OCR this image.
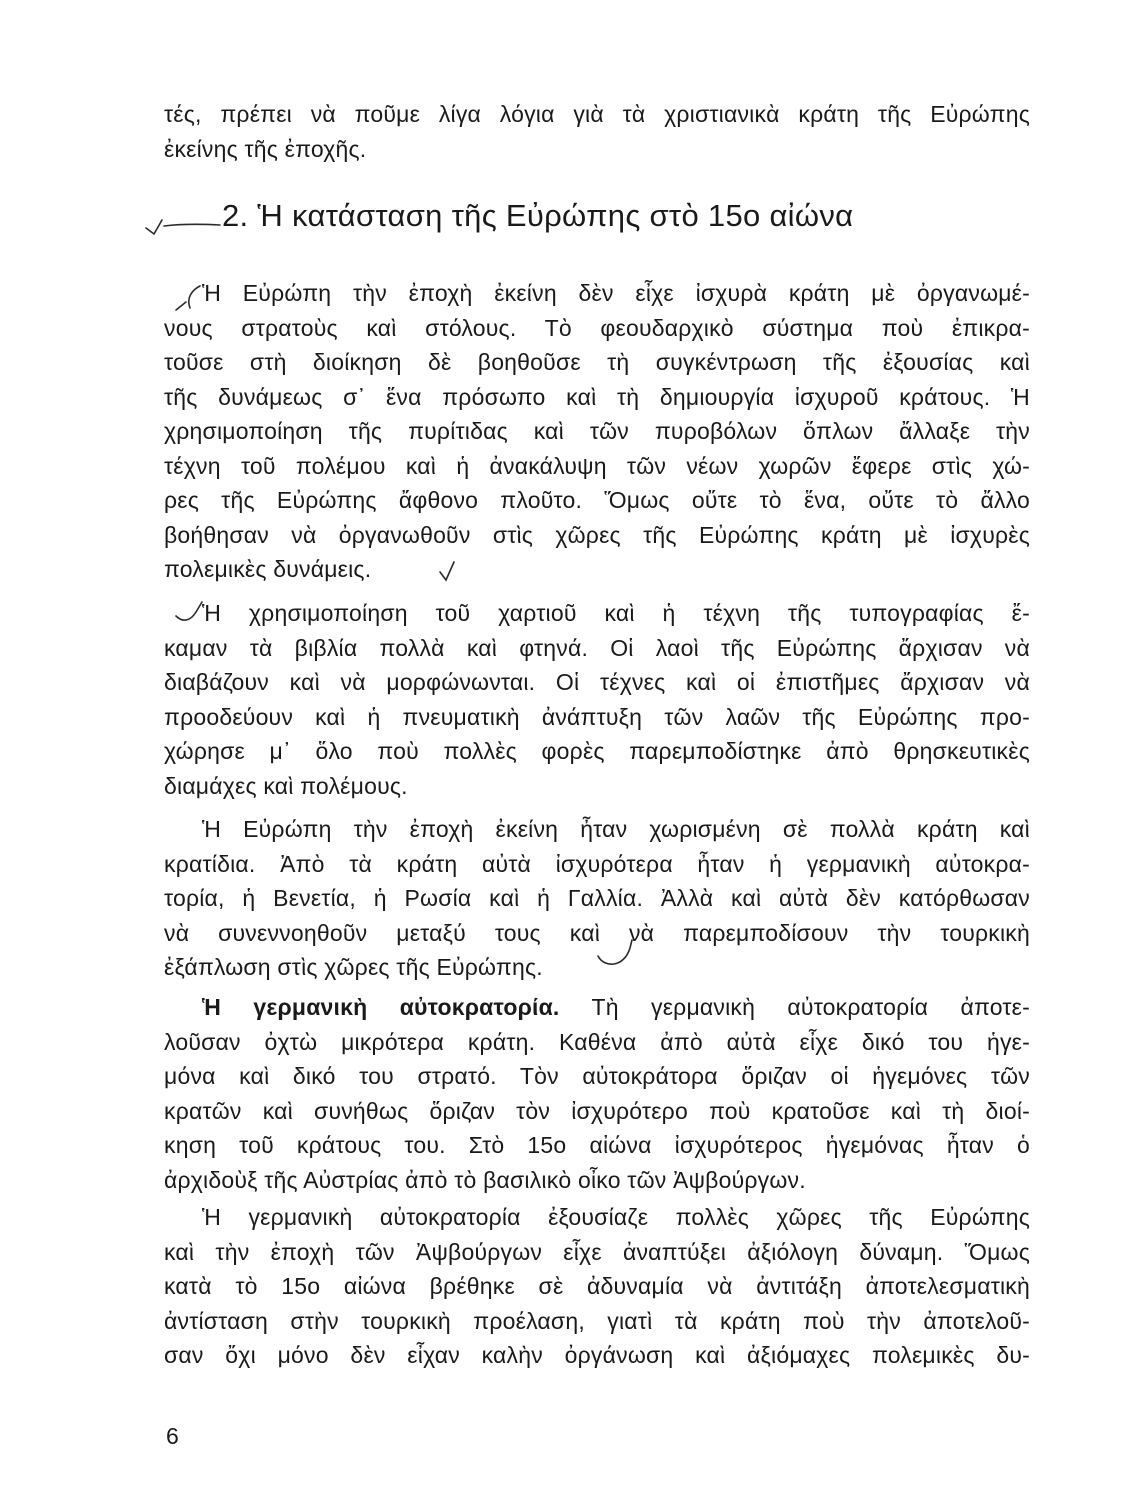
τές, πρέπει νὰ ποῦμε λίγα λόγια γιὰ τὰ χριστιανικὰ κράτη τῆς Εὐρώπης
ἐκείνης τῆς ἐποχῆς.

2. Ἡ κατάσταση τῆς Εὐρώπης στὸ 15ο αἰώνα

Ἡ Εὐρώπη τὴν ἐποχὴ ἐκείνη δὲν εἶχε ἰσχυρὰ κράτη μὲ ὀργανωμέ-
νους στρατοὺς καὶ στόλους. Τὸ φεουδαρχικὸ σύστημα ποὺ ἐπικρα-
τοῦσε στὴ διοίκηση δὲ βοηθοῦσε τὴ συγκέντρωση τῆς ἐξουσίας καὶ
τῆς δυνάμεως σ᾽ ἕνα πρόσωπο καὶ τὴ δημιουργία ἰσχυροῦ κράτους. Ἡ
χρησιμοποίηση τῆς πυρίτιδας καὶ τῶν πυροβόλων ὅπλων ἄλλαξε τὴν
τέχνη τοῦ πολέμου καὶ ἡ ἀνακάλυψη τῶν νέων χωρῶν ἔφερε στὶς χώ-
ρες τῆς Εὐρώπης ἄφθονο πλοῦτο. Ὅμως οὔτε τὸ ἕνα, οὔτε τὸ ἄλλο
βοήθησαν νὰ ὀργανωθοῦν στὶς χῶρες τῆς Εὐρώπης κράτη μὲ ἰσχυρὲς
πολεμικὲς δυνάμεις.

Ἡ χρησιμοποίηση τοῦ χαρτιοῦ καὶ ἡ τέχνη τῆς τυπογραφίας ἔ-
καμαν τὰ βιβλία πολλὰ καὶ φτηνά. Οἱ λαοὶ τῆς Εὐρώπης ἄρχισαν νὰ
διαβάζουν καὶ νὰ μορφώνωνται. Οἱ τέχνες καὶ οἱ ἐπιστῆμες ἄρχισαν νὰ
προοδεύουν καὶ ἡ πνευματικὴ ἀνάπτυξη τῶν λαῶν τῆς Εὐρώπης προ-
χώρησε μ᾽ ὅλο ποὺ πολλὲς φορὲς παρεμποδίστηκε ἀπὸ θρησκευτικὲς
διαμάχες καὶ πολέμους.

Ἡ Εὐρώπη τὴν ἐποχὴ ἐκείνη ἦταν χωρισμένη σὲ πολλὰ κράτη καὶ
κρατίδια. Ἀπὸ τὰ κράτη αὐτὰ ἰσχυρότερα ἦταν ἡ γερμανικὴ αὐτοκρα-
τορία, ἡ Βενετία, ἡ Ρωσία καὶ ἡ Γαλλία. Ἀλλὰ καὶ αὐτὰ δὲν κατόρθωσαν
νὰ συνεννοηθοῦν μεταξύ τους καὶ νὰ παρεμποδίσουν τὴν τουρκικὴ
ἐξάπλωση στὶς χῶρες τῆς Εὐρώπης.

Ἡ γερμανικὴ αὐτοκρατορία. Τὴ γερμανικὴ αὐτοκρατορία ἀποτε-
λοῦσαν ὀχτὼ μικρότερα κράτη. Καθένα ἀπὸ αὐτὰ εἶχε δικό του ἡγε-
μόνα καὶ δικό του στρατό. Τὸν αὐτοκράτορα ὅριζαν οἱ ἡγεμόνες τῶν
κρατῶν καὶ συνήθως ὅριζαν τὸν ἰσχυρότερο ποὺ κρατοῦσε καὶ τὴ διοί-
κηση τοῦ κράτους του. Στὸ 15ο αἰώνα ἰσχυρότερος ἡγεμόνας ἦταν ὁ
ἀρχιδοὺξ τῆς Αὐστρίας ἀπὸ τὸ βασιλικὸ οἶκο τῶν Ἀψβούργων.

Ἡ γερμανικὴ αὐτοκρατορία ἐξουσίαζε πολλὲς χῶρες τῆς Εὐρώπης
καὶ τὴν ἐποχὴ τῶν Ἀψβούργων εἶχε ἀναπτύξει ἀξιόλογη δύναμη. Ὅμως
κατὰ τὸ 15ο αἰώνα βρέθηκε σὲ ἀδυναμία νὰ ἀντιτάξη ἀποτελεσματικὴ
ἀντίσταση στὴν τουρκικὴ προέλαση, γιατὶ τὰ κράτη ποὺ τὴν ἀποτελοῦ-
σαν ὄχι μόνο δὲν εἶχαν καλὴν ὀργάνωση καὶ ἀξιόμαχες πολεμικὲς δυ-

6
